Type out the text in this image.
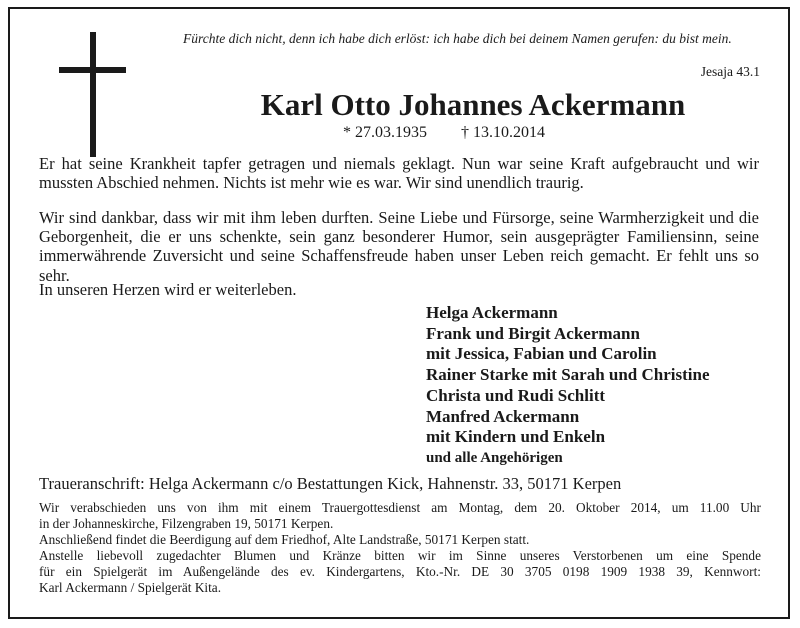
Fürchte dich nicht, denn ich habe dich erlöst: ich habe dich bei deinem Namen gerufen: du bist mein.
Jesaja 43.1
Karl Otto Johannes Ackermann
* 27.03.1935 † 13.10.2014
Er hat seine Krankheit tapfer getragen und niemals geklagt. Nun war seine Kraft aufgebraucht und wir mussten Abschied nehmen. Nichts ist mehr wie es war. Wir sind unendlich traurig.
Wir sind dankbar, dass wir mit ihm leben durften. Seine Liebe und Fürsorge, seine Warmherzigkeit und die Geborgenheit, die er uns schenkte, sein ganz besonderer Humor, sein ausgeprägter Familiensinn, seine immerwährende Zuversicht und seine Schaffensfreude haben unser Leben reich gemacht. Er fehlt uns so sehr.
In unseren Herzen wird er weiterleben.
Helga Ackermann
Frank und Birgit Ackermann
mit Jessica, Fabian und Carolin
Rainer Starke mit Sarah und Christine
Christa und Rudi Schlitt
Manfred Ackermann
mit Kindern und Enkeln
und alle Angehörigen
Traueranschrift: Helga Ackermann c/o Bestattungen Kick, Hahnenstr. 33, 50171 Kerpen
Wir verabschieden uns von ihm mit einem Trauergottesdienst am Montag, dem 20. Oktober 2014, um 11.00 Uhr
in der Johanneskirche, Filzengraben 19, 50171 Kerpen.
Anschließend findet die Beerdigung auf dem Friedhof, Alte Landstraße, 50171 Kerpen statt.
Anstelle liebevoll zugedachter Blumen und Kränze bitten wir im Sinne unseres Verstorbenen um eine Spende
für ein Spielgerät im Außengelände des ev. Kindergartens, Kto.-Nr. DE 30 3705 0198 1909 1938 39, Kennwort:
Karl Ackermann / Spielgerät Kita.
